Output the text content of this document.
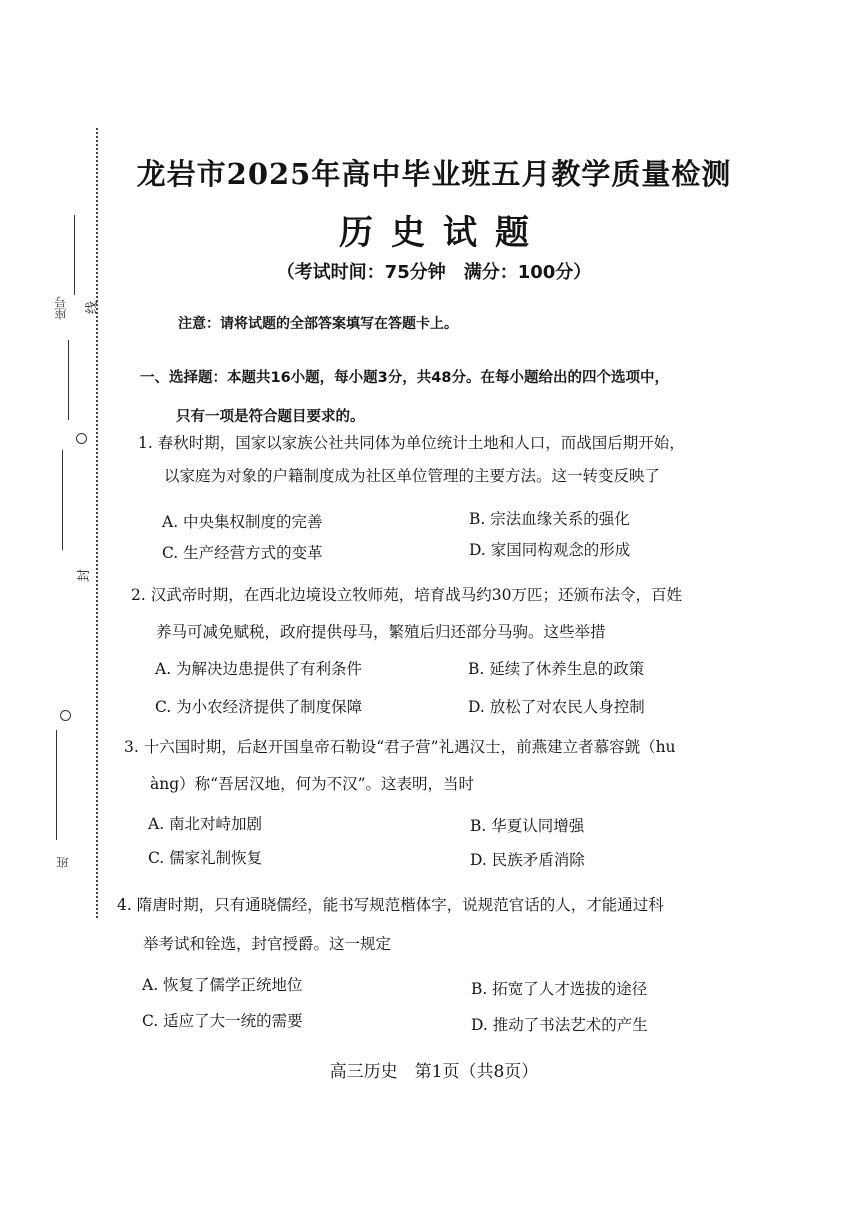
座号	线
封
班
龙岩市2025年高中毕业班五月教学质量检测
历史试题
（考试时间：75分钟　满分：100分）
注意：请将试题的全部答案填写在答题卡上。
一、选择题：本题共16小题，每小题3分，共48分。在每小题给出的四个选项中，
只有一项是符合题目要求的。
1. 春秋时期，国家以家族公社共同体为单位统计土地和人口，而战国后期开始，
以家庭为对象的户籍制度成为社区单位管理的主要方法。这一转变反映了
A. 中央集权制度的完善	B. 宗法血缘关系的强化
C. 生产经营方式的变革	D. 家国同构观念的形成
2. 汉武帝时期，在西北边境设立牧师苑，培育战马约30万匹；还颁布法令，百姓
养马可减免赋税，政府提供母马，繁殖后归还部分马驹。这些举措
A. 为解决边患提供了有利条件	B. 延续了休养生息的政策
C. 为小农经济提供了制度保障	D. 放松了对农民人身控制
3. 十六国时期，后赵开国皇帝石勒设“君子营”礼遇汉士，前燕建立者慕容皝（hu
àng）称“吾居汉地，何为不汉”。这表明，当时
A. 南北对峙加剧	B. 华夏认同增强
C. 儒家礼制恢复	D. 民族矛盾消除
4. 隋唐时期，只有通晓儒经，能书写规范楷体字，说规范官话的人，才能通过科
举考试和铨选，封官授爵。这一规定
A. 恢复了儒学正统地位	B. 拓宽了人才选拔的途径
C. 适应了大一统的需要	D. 推动了书法艺术的产生
高三历史　第1页（共8页）
